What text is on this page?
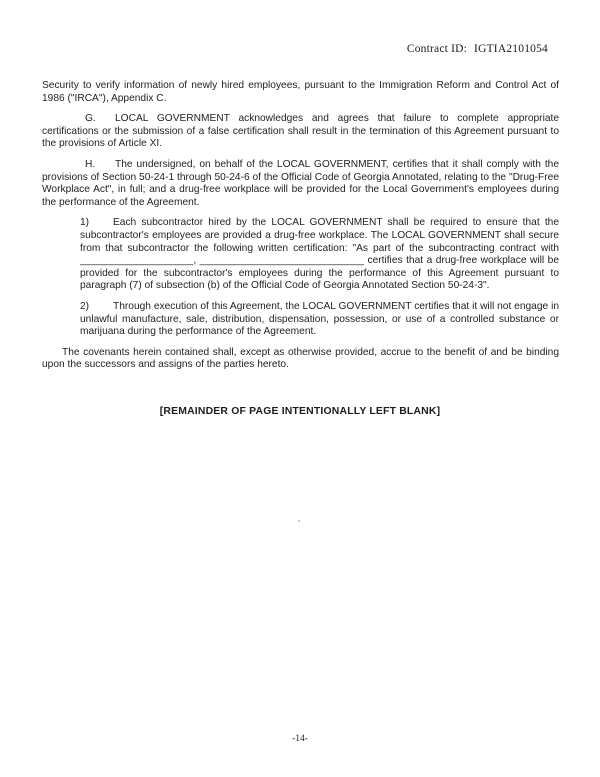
Contract ID: IGTIA2101054

Security to verify information of newly hired employees, pursuant to the Immigration Reform and Control Act of 1986 ("IRCA"), Appendix C.

G. LOCAL GOVERNMENT acknowledges and agrees that failure to complete appropriate certifications or the submission of a false certification shall result in the termination of this Agreement pursuant to the provisions of Article XI.

H. The undersigned, on behalf of the LOCAL GOVERNMENT, certifies that it shall comply with the provisions of Section 50-24-1 through 50-24-6 of the Official Code of Georgia Annotated, relating to the "Drug-Free Workplace Act", in full; and a drug-free workplace will be provided for the Local Government's employees during the performance of the Agreement.

1) Each subcontractor hired by the LOCAL GOVERNMENT shall be required to ensure that the subcontractor's employees are provided a drug-free workplace. The LOCAL GOVERNMENT shall secure from that subcontractor the following written certification: "As part of the subcontracting contract with ____________________, _____________________________ certifies that a drug-free workplace will be provided for the subcontractor's employees during the performance of this Agreement pursuant to paragraph (7) of subsection (b) of the Official Code of Georgia Annotated Section 50-24-3".

2) Through execution of this Agreement, the LOCAL GOVERNMENT certifies that it will not engage in unlawful manufacture, sale, distribution, dispensation, possession, or use of a controlled substance or marijuana during the performance of the Agreement.

The covenants herein contained shall, except as otherwise provided, accrue to the benefit of and be binding upon the successors and assigns of the parties hereto.

[REMAINDER OF PAGE INTENTIONALLY LEFT BLANK]
-14-
